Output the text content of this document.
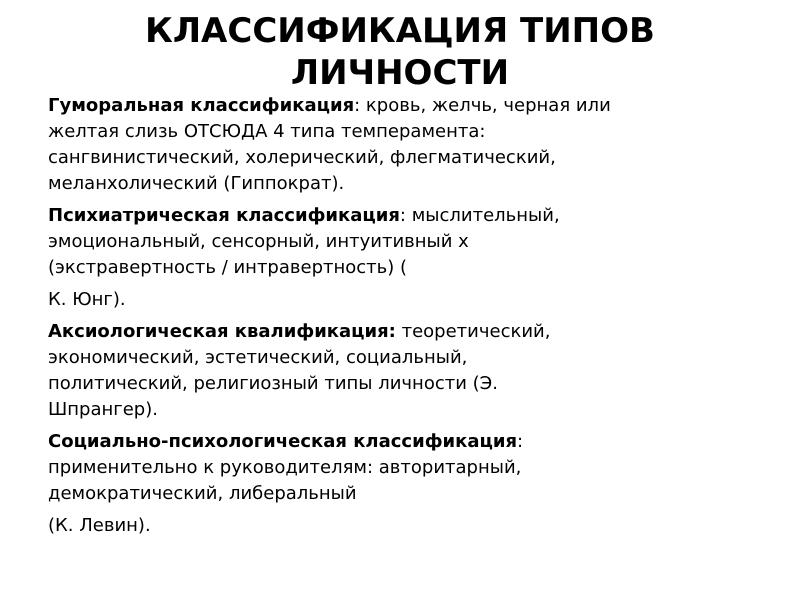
КЛАССИФИКАЦИЯ ТИПОВ
ЛИЧНОСТИ

Гуморальная классификация: кровь, желчь, черная или
желтая слизь ОТСЮДА 4 типа темперамента:
сангвинистический, холерический, флегматический,
меланхолический (Гиппократ).

Психиатрическая классификация: мыслительный,
эмоциональный, сенсорный, интуитивный х
(экстравертность / интравертность) (
К. Юнг).

Аксиологическая квалификация: теоретический,
экономический, эстетический, социальный,
политический, религиозный типы личности (Э.
Шпрангер).

Социально-психологическая классификация:
применительно к руководителям: авторитарный,
демократический, либеральный
(К. Левин).
